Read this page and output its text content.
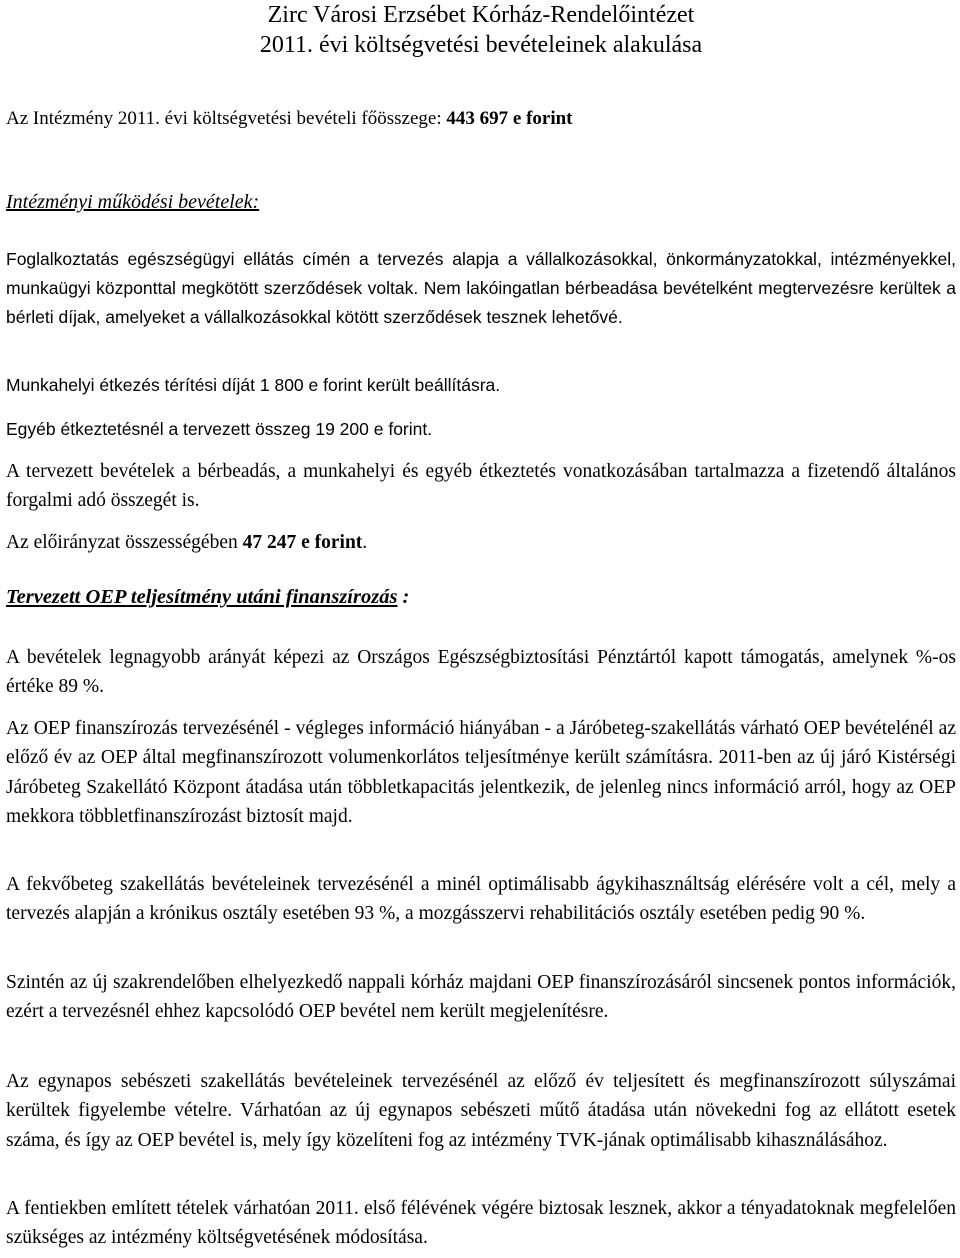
Zirc Városi Erzsébet Kórház-Rendelőintézet

2011. évi költségvetési bevételeinek alakulása

Az Intézmény 2011. évi költségvetési bevételi főösszege: 443 697 e forint

Intézményi működési bevételek:

Foglalkoztatás egészségügyi ellátás címén a tervezés alapja a vállalkozásokkal, önkormányzatokkal, intézményekkel, munkaügyi központtal megkötött szerződések voltak. Nem lakóingatlan bérbeadása bevételként megtervezésre kerültek a bérleti díjak, amelyeket a vállalkozásokkal kötött szerződések tesznek lehetővé.

Munkahelyi étkezés térítési díját 1 800 e forint került beállításra.

Egyéb étkeztetésnél a tervezett összeg 19 200 e forint.

A tervezett bevételek a bérbeadás, a munkahelyi és egyéb étkeztetés vonatkozásában tartalmazza a fizetendő általános forgalmi adó összegét is.

Az előirányzat összességében 47 247 e forint.

Tervezett OEP teljesítmény utáni finanszírozás :

A bevételek legnagyobb arányát képezi az Országos Egészségbiztosítási Pénztártól kapott támogatás, amelynek %-os értéke 89 %.

Az OEP finanszírozás tervezésénél - végleges információ hiányában - a Járóbeteg-szakellátás várható OEP bevételénél az előző év az OEP által megfinanszírozott volumenkorlátos teljesítménye került számításra. 2011-ben az új járó Kistérségi Járóbeteg Szakellátó Központ átadása után többletkapacitás jelentkezik, de jelenleg nincs információ arról, hogy az OEP mekkora többletfinanszírozást biztosít majd.

A fekvőbeteg szakellátás bevételeinek tervezésénél a minél optimálisabb ágykihasználtság elérésére volt a cél, mely a tervezés alapján a krónikus osztály esetében 93 %, a mozgásszervi rehabilitációs osztály esetében pedig 90 %.

Szintén az új szakrendelőben elhelyezkedő nappali kórház majdani OEP finanszírozásáról sincsenek pontos információk, ezért a tervezésnél ehhez kapcsolódó OEP bevétel nem került megjelenítésre.

Az egynapos sebészeti szakellátás bevételeinek tervezésénél az előző év teljesített és megfinanszírozott súlyszámai kerültek figyelembe vételre. Várhatóan az új egynapos sebészeti műtő átadása után növekedni fog az ellátott esetek száma, és így az OEP bevétel is, mely így közelíteni fog az intézmény TVK-jának optimálisabb kihasználásához.

A fentiekben említett tételek várhatóan 2011. első félévének végére biztosak lesznek, akkor a tényadatoknak megfelelően szükséges az intézmény költségvetésének módosítása.
